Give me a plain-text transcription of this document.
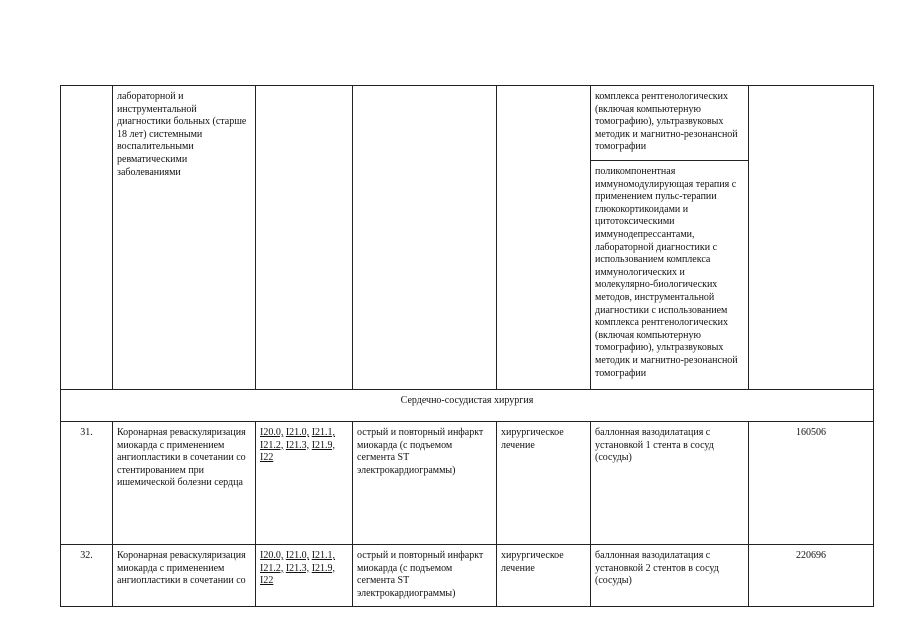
	лабораторной и инструментальной диагностики больных (старше 18 лет) системными воспалительными ревматическими заболеваниями				комплекса рентгенологических (включая компьютерную томографию), ультразвуковых методик и магнитно-резонансной томографии	

					поликомпонентная иммуномодулирующая терапия с применением пульс-терапии глюкокортикоидами и цитотоксическими иммунодепрессантами, лабораторной диагностики с использованием комплекса иммунологических и молекулярно-биологических методов, инструментальной диагностики с использованием комплекса рентгенологических (включая компьютерную томографию), ультразвуковых методик и магнитно-резонансной томографии	

Сердечно-сосудистая хирургия						
31.	Коронарная реваскуляризация миокарда с применением ангиопластики в сочетании со стентированием при ишемической болезни сердца	I20.0, I21.0, I21.1, I21.2, I21.3, I21.9, I22	острый и повторный инфаркт миокарда (с подъемом сегмента ST электрокардиограммы)	хирургическое лечение	баллонная вазодилатация с установкой 1 стента в сосуд (сосуды)	160506
32.	Коронарная реваскуляризация миокарда с применением ангиопластики в сочетании со	I20.0, I21.0, I21.1, I21.2, I21.3, I21.9, I22	острый и повторный инфаркт миокарда (с подъемом сегмента ST электрокардиограммы)	хирургическое лечение	баллонная вазодилатация с установкой 2 стентов в сосуд (сосуды)	220696
